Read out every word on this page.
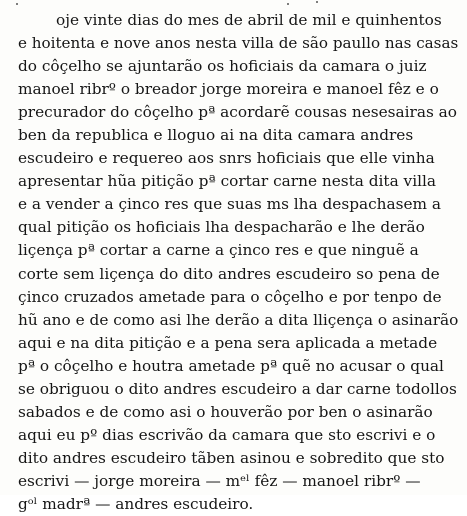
oje vinte dias do mes de abril de mil e quinhentos
e hoitenta e nove anos nesta villa de são paullo nas casas
do côçelho se ajuntarão os hoficiais da camara o juiz
manoel ribrº o breador jorge moreira e manoel fêz e o
precurador do côçelho pª acordarẽ cousas nesesairas ao
ben da republica e lloguo ai na dita camara andres
escudeiro e requereo aos snrs hoficiais que elle vinha
apresentar hũa pitição pª cortar carne nesta dita villa
e a vender a çinco res que suas ms lha despachasem a
qual pitição os hoficiais lha despacharão e lhe derão
liçença pª cortar a carne a çinco res e que ninguẽ a
corte sem liçença do dito andres escudeiro so pena de
çinco cruzados ametade para o côçelho e por tenpo de
hũ ano e de como asi lhe derão a dita lliçença o asinarão
aqui e na dita pitição e a pena sera aplicada a metade
pª o côçelho e houtra ametade pª quẽ no acusar o qual
se obriguou o dito andres escudeiro a dar carne todollos
sabados e de como asi o houverão por ben o asinarão
aqui eu pº dias escrivão da camara que sto escrivi e o
dito andres escudeiro tãben asinou e sobredito que sto
escrivi — jorge moreira — mᵉˡ fêz — manoel ribrº —
gᵒˡ madrª — andres escudeiro.
